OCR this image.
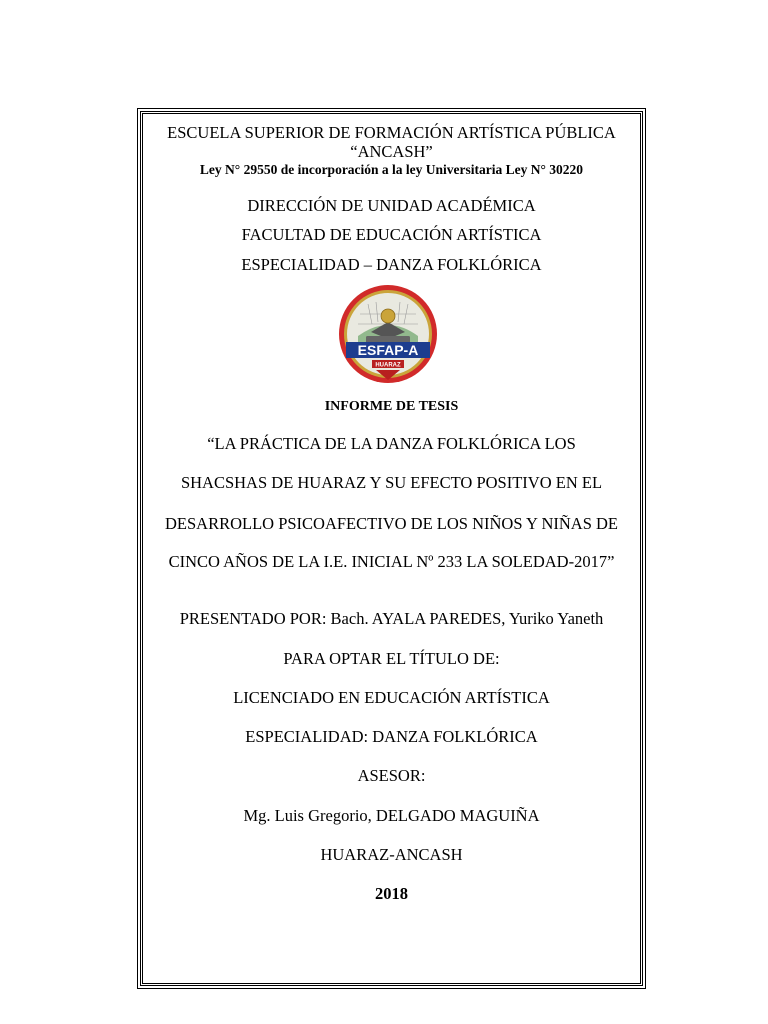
ESCUELA SUPERIOR DE FORMACIÓN ARTÍSTICA PÚBLICA
“ANCASH”
Ley N° 29550 de incorporación a la ley Universitaria Ley N° 30220
DIRECCIÓN DE UNIDAD ACADÉMICA
FACULTAD DE EDUCACIÓN ARTÍSTICA
ESPECIALIDAD – DANZA FOLKLÓRICA
ESFAP-A
HUARAZ
INFORME DE TESIS
“LA PRÁCTICA DE LA DANZA FOLKLÓRICA LOS
SHACSHAS DE HUARAZ Y SU EFECTO POSITIVO EN EL
DESARROLLO PSICOAFECTIVO DE LOS NIÑOS Y NIÑAS DE
CINCO AÑOS DE LA I.E. INICIAL Nº 233 LA SOLEDAD-2017”
PRESENTADO POR: Bach. AYALA PAREDES, Yuriko Yaneth
PARA OPTAR EL TÍTULO DE:
LICENCIADO EN EDUCACIÓN ARTÍSTICA
ESPECIALIDAD: DANZA FOLKLÓRICA
ASESOR:
Mg. Luis Gregorio, DELGADO MAGUIÑA
HUARAZ-ANCASH
2018
